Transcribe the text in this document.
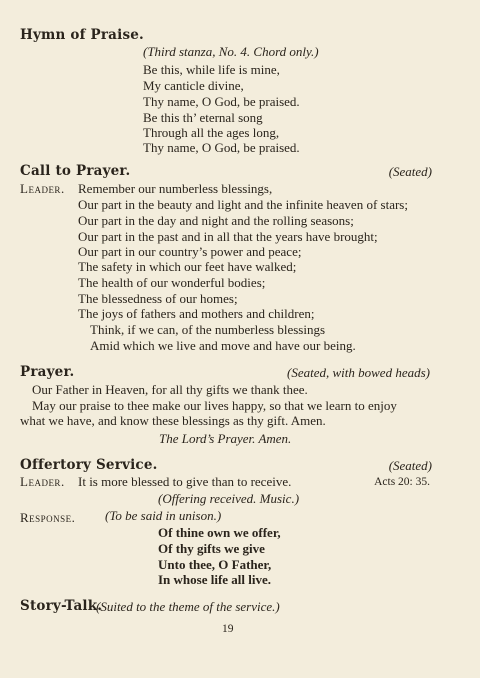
Hymn of Praise.
(Third stanza, No. 4. Chord only.)
Be this, while life is mine,
My canticle divine,
Thy name, O God, be praised.
Be this th’ eternal song
Through all the ages long,
Thy name, O God, be praised.
Call to Prayer.	(Seated)
Leader. Remember our numberless blessings,
Our part in the beauty and light and the infinite heaven of stars;
Our part in the day and night and the rolling seasons;
Our part in the past and in all that the years have brought;
Our part in our country’s power and peace;
The safety in which our feet have walked;
The health of our wonderful bodies;
The blessedness of our homes;
The joys of fathers and mothers and children;
Think, if we can, of the numberless blessings
Amid which we live and move and have our being.
Prayer.	(Seated, with bowed heads)
Our Father in Heaven, for all thy gifts we thank thee.
May our praise to thee make our lives happy, so that we learn to enjoy
what we have, and know these blessings as thy gift. Amen.
The Lord’s Prayer. Amen.
Offertory Service.	(Seated)
Leader. It is more blessed to give than to receive.	Acts 20: 35.
(Offering received. Music.)
Response. (To be said in unison.)
Of thine own we offer,
Of thy gifts we give
Unto thee, O Father,
In whose life all live.
Story-Talk.
(Suited to the theme of the service.)
19
